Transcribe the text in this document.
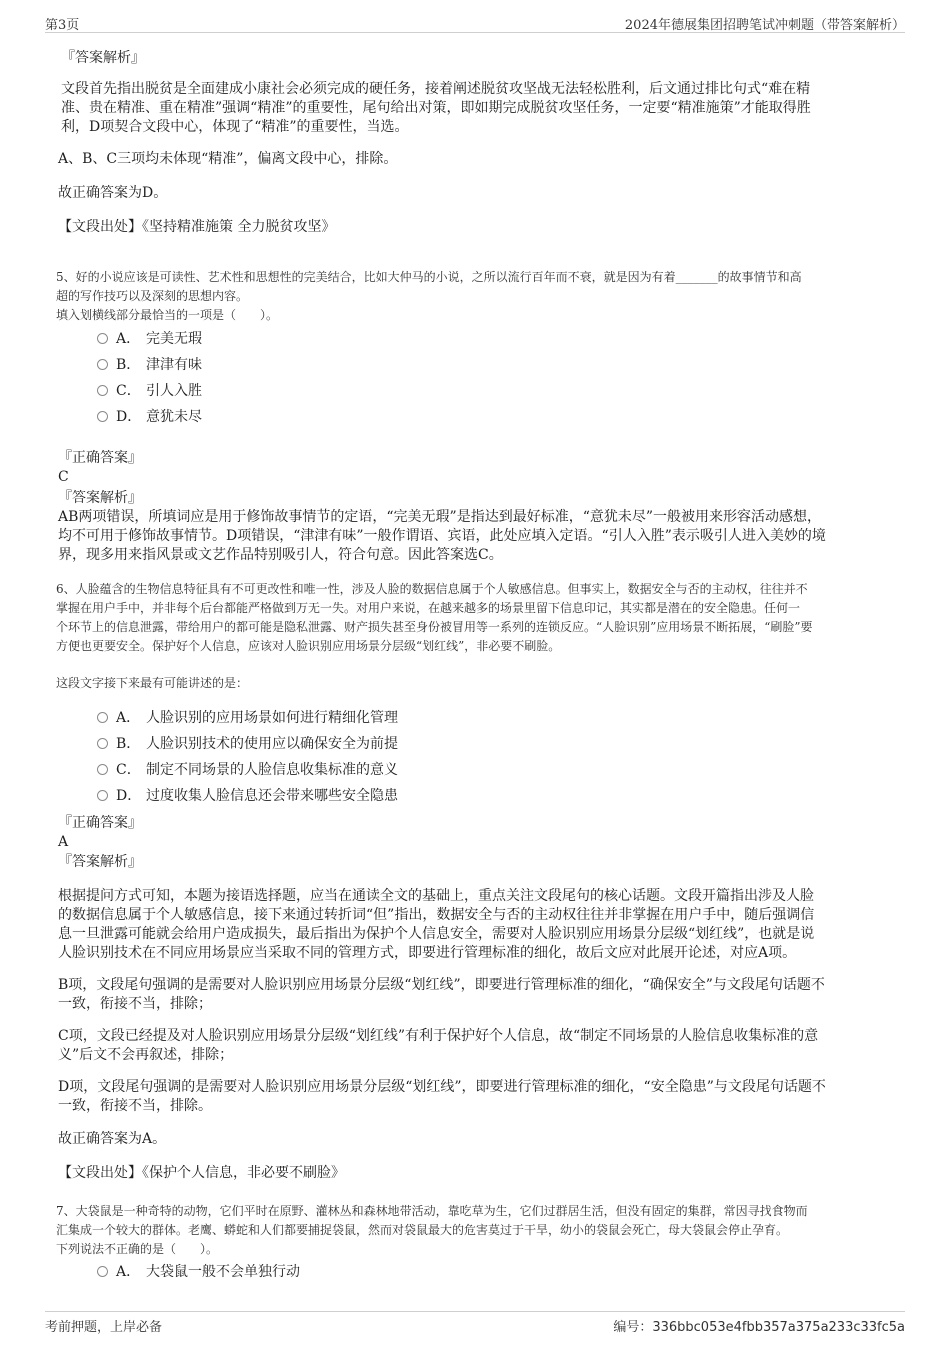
第3页	2024年德展集团招聘笔试冲刺题（带答案解析）
『答案解析』
文段首先指出脱贫是全面建成小康社会必须完成的硬任务，接着阐述脱贫攻坚战无法轻松胜利，后文通过排比句式“难在精
准、贵在精准、重在精准”强调“精准”的重要性，尾句给出对策，即如期完成脱贫攻坚任务，一定要“精准施策”才能取得胜
利，D项契合文段中心，体现了“精准”的重要性，当选。
A、B、C三项均未体现“精准”，偏离文段中心，排除。
故正确答案为D。
【文段出处】《坚持精准施策 全力脱贫攻坚》
5、好的小说应该是可读性、艺术性和思想性的完美结合，比如大仲马的小说，之所以流行百年而不衰，就是因为有着_______的故事情节和高
超的写作技巧以及深刻的思想内容。
填入划横线部分最恰当的一项是（　　）。
A． 完美无瑕
B． 津津有味
C． 引人入胜
D． 意犹未尽
『正确答案』
C
『答案解析』
AB两项错误，所填词应是用于修饰故事情节的定语，“完美无瑕”是指达到最好标准，“意犹未尽”一般被用来形容活动感想，
均不可用于修饰故事情节。D项错误，“津津有味”一般作谓语、宾语，此处应填入定语。“引人入胜”表示吸引人进入美妙的境
界，现多用来指风景或文艺作品特别吸引人，符合句意。因此答案选C。
6、人脸蕴含的生物信息特征具有不可更改性和唯一性，涉及人脸的数据信息属于个人敏感信息。但事实上，数据安全与否的主动权，往往并不
掌握在用户手中，并非每个后台都能严格做到万无一失。对用户来说，在越来越多的场景里留下信息印记，其实都是潜在的安全隐患。任何一
个环节上的信息泄露，带给用户的都可能是隐私泄露、财产损失甚至身份被冒用等一系列的连锁反应。“人脸识别”应用场景不断拓展，“刷脸”要
方便也更要安全。保护好个人信息，应该对人脸识别应用场景分层级“划红线”，非必要不刷脸。
这段文字接下来最有可能讲述的是：
A． 人脸识别的应用场景如何进行精细化管理
B． 人脸识别技术的使用应以确保安全为前提
C． 制定不同场景的人脸信息收集标准的意义
D． 过度收集人脸信息还会带来哪些安全隐患
『正确答案』
A
『答案解析』
根据提问方式可知，本题为接语选择题，应当在通读全文的基础上，重点关注文段尾句的核心话题。文段开篇指出涉及人脸
的数据信息属于个人敏感信息，接下来通过转折词“但”指出，数据安全与否的主动权往往并非掌握在用户手中，随后强调信
息一旦泄露可能就会给用户造成损失，最后指出为保护个人信息安全，需要对人脸识别应用场景分层级“划红线”，也就是说
人脸识别技术在不同应用场景应当采取不同的管理方式，即要进行管理标准的细化，故后文应对此展开论述，对应A项。
B项，文段尾句强调的是需要对人脸识别应用场景分层级“划红线”，即要进行管理标准的细化，“确保安全”与文段尾句话题不
一致，衔接不当，排除；
C项，文段已经提及对人脸识别应用场景分层级“划红线”有利于保护好个人信息，故“制定不同场景的人脸信息收集标准的意
义”后文不会再叙述，排除；
D项，文段尾句强调的是需要对人脸识别应用场景分层级“划红线”，即要进行管理标准的细化，“安全隐患”与文段尾句话题不
一致，衔接不当，排除。
故正确答案为A。
【文段出处】《保护个人信息，非必要不刷脸》
7、大袋鼠是一种奇特的动物，它们平时在原野、灌林丛和森林地带活动，靠吃草为生，它们过群居生活，但没有固定的集群，常因寻找食物而
汇集成一个较大的群体。老鹰、蟒蛇和人们都要捕捉袋鼠，然而对袋鼠最大的危害莫过于干旱，幼小的袋鼠会死亡，母大袋鼠会停止孕育。
下列说法不正确的是（　　）。
A． 大袋鼠一般不会单独行动
考前押题，上岸必备	编号：336bbc053e4fbb357a375a233c33fc5a
